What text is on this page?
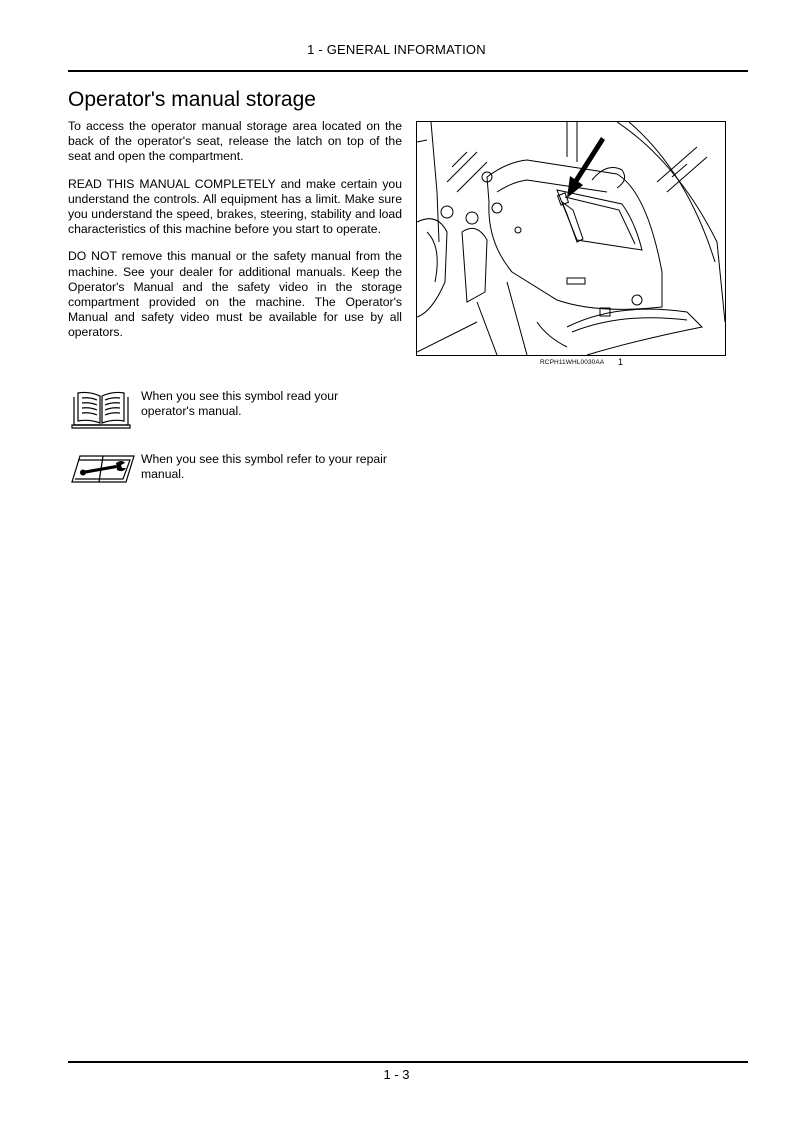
1 - GENERAL INFORMATION
Operator's manual storage

To access the operator manual storage area located on the back of the operator's seat, release the latch on top of the seat and open the compartment.

READ THIS MANUAL COMPLETELY and make certain you understand the controls. All equipment has a limit. Make sure you understand the speed, brakes, steering, stability and load characteristics of this machine before you start to operate.

DO NOT remove this manual or the safety manual from the machine. See your dealer for additional manuals. Keep the Operator's Manual and the safety video in the storage compartment provided on the machine. The Operator's Manual and safety video must be available for use by all operators.

When you see this symbol read your operator's manual.
When you see this symbol refer to your repair manual.
RCPH11WHL0030AA 1
1 - 3
